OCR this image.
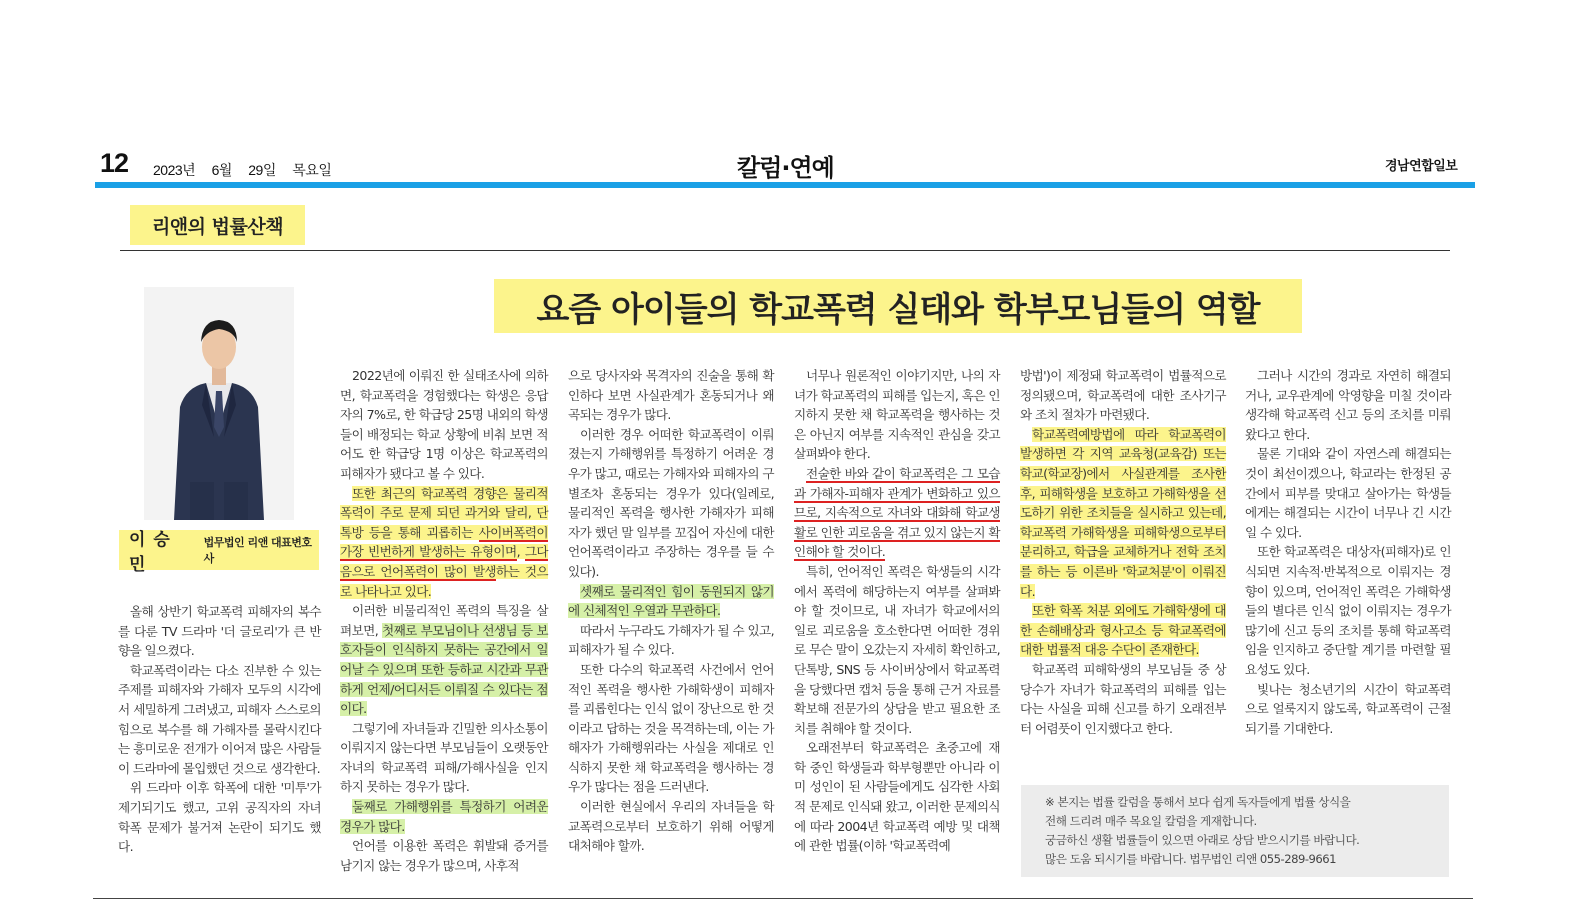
12 2023년 6월 29일 목요일	칼럼·연예	경남연합일보
리앤의 법률산책
요즘 아이들의 학교폭력 실태와 학부모님들의 역할
이 승 민
법무법인 리앤 대표변호사

올해 상반기 학교폭력 피해자의 복수를 다룬 TV 드라마 '더 글로리'가 큰 반향을 일으켰다.

학교폭력이라는 다소 진부한 수 있는 주제를 피해자와 가해자 모두의 시각에서 세밀하게 그려냈고, 피해자 스스로의 힘으로 복수를 해 가해자를 몰락시킨다는 흥미로운 전개가 이어져 많은 사람들이 드라마에 몰입했던 것으로 생각한다.

위 드라마 이후 학폭에 대한 '미투'가 제기되기도 했고, 고위 공직자의 자녀 학폭 문제가 불거져 논란이 되기도 했다.

2022년에 이뤄진 한 실태조사에 의하면, 학교폭력을 경험했다는 학생은 응답자의 7%로, 한 학급당 25명 내외의 학생들이 배정되는 학교 상황에 비춰 보면 적어도 한 학급당 1명 이상은 학교폭력의 피해자가 됐다고 볼 수 있다.

또한 최근의 학교폭력 경향은 물리적 폭력이 주로 문제 되던 과거와 달리, 단톡방 등을 통해 괴롭히는 사이버폭력이 가장 빈번하게 발생하는 유형이며, 그다음으로 언어폭력이 많이 발생하는 것으로 나타나고 있다.

이러한 비물리적인 폭력의 특징을 살펴보면, 첫째로 부모님이나 선생님 등 보호자들이 인식하지 못하는 공간에서 일어날 수 있으며 또한 등하교 시간과 무관하게 언제/어디서든 이뤄질 수 있다는 점이다.

그렇기에 자녀들과 긴밀한 의사소통이 이뤄지지 않는다면 부모님들이 오랫동안 자녀의 학교폭력 피해/가해사실을 인지하지 못하는 경우가 많다.

둘째로 가해행위를 특정하기 어려운 경우가 많다.

언어를 이용한 폭력은 휘발돼 증거를 남기지 않는 경우가 많으며, 사후적

으로 당사자와 목격자의 진술을 통해 확인하다 보면 사실관계가 혼동되거나 왜곡되는 경우가 많다.

이러한 경우 어떠한 학교폭력이 이뤄졌는지 가해행위를 특정하기 어려운 경우가 많고, 때로는 가해자와 피해자의 구별조차 혼동되는 경우가 있다(일례로, 물리적인 폭력을 행사한 가해자가 피해자가 했던 말 일부를 꼬집어 자신에 대한 언어폭력이라고 주장하는 경우를 들 수 있다).

셋째로 물리적인 힘이 동원되지 않기에 신체적인 우열과 무관하다.

따라서 누구라도 가해자가 될 수 있고, 피해자가 될 수 있다.

또한 다수의 학교폭력 사건에서 언어적인 폭력을 행사한 가해학생이 피해자를 괴롭힌다는 인식 없이 장난으로 한 것이라고 답하는 것을 목격하는데, 이는 가해자가 가해행위라는 사실을 제대로 인식하지 못한 채 학교폭력을 행사하는 경우가 많다는 점을 드러낸다.

이러한 현실에서 우리의 자녀들을 학교폭력으로부터 보호하기 위해 어떻게 대처해야 할까.

너무나 원론적인 이야기지만, 나의 자녀가 학교폭력의 피해를 입는지, 혹은 인지하지 못한 채 학교폭력을 행사하는 것은 아닌지 여부를 지속적인 관심을 갖고 살펴봐야 한다.

전술한 바와 같이 학교폭력은 그 모습과 가해자-피해자 관계가 변화하고 있으므로, 지속적으로 자녀와 대화해 학교생활로 인한 괴로움을 겪고 있지 않는지 확인해야 할 것이다.

특히, 언어적인 폭력은 학생들의 시각에서 폭력에 해당하는지 여부를 살펴봐야 할 것이므로, 내 자녀가 학교에서의 일로 괴로움을 호소한다면 어떠한 경위로 무슨 말이 오갔는지 자세히 확인하고, 단톡방, SNS 등 사이버상에서 학교폭력을 당했다면 캡처 등을 통해 근거 자료를 확보해 전문가의 상담을 받고 필요한 조치를 취해야 할 것이다.

오래전부터 학교폭력은 초중고에 재학 중인 학생들과 학부형뿐만 아니라 이미 성인이 된 사람들에게도 심각한 사회적 문제로 인식돼 왔고, 이러한 문제의식에 따라 2004년 학교폭력 예방 및 대책에 관한 법률(이하 '학교폭력예

방법')이 제정돼 학교폭력이 법률적으로 정의됐으며, 학교폭력에 대한 조사기구와 조치 절차가 마련됐다.

학교폭력예방법에 따라 학교폭력이 발생하면 각 지역 교육청(교육감) 또는 학교(학교장)에서 사실관계를 조사한 후, 피해학생을 보호하고 가해학생을 선도하기 위한 조치들을 실시하고 있는데, 학교폭력 가해학생을 피해학생으로부터 분리하고, 학급을 교체하거나 전학 조치를 하는 등 이른바 '학교처분'이 이뤄진다.

또한 학폭 처분 외에도 가해학생에 대한 손해배상과 형사고소 등 학교폭력에 대한 법률적 대응 수단이 존재한다.

학교폭력 피해학생의 부모님들 중 상당수가 자녀가 학교폭력의 피해를 입는다는 사실을 피해 신고를 하기 오래전부터 어렴풋이 인지했다고 한다.

그러나 시간의 경과로 자연히 해결되거나, 교우관계에 악영향을 미칠 것이라 생각해 학교폭력 신고 등의 조치를 미뤄왔다고 한다.

물론 기대와 같이 자연스레 해결되는 것이 최선이겠으나, 학교라는 한정된 공간에서 피부를 맞대고 살아가는 학생들에게는 해결되는 시간이 너무나 긴 시간일 수 있다.

또한 학교폭력은 대상자(피해자)로 인식되면 지속적·반복적으로 이뤄지는 경향이 있으며, 언어적인 폭력은 가해학생들의 별다른 인식 없이 이뤄지는 경우가 많기에 신고 등의 조치를 통해 학교폭력임을 인지하고 중단할 계기를 마련할 필요성도 있다.

빛나는 청소년기의 시간이 학교폭력으로 얼룩지지 않도록, 학교폭력이 근절되기를 기대한다.

※ 본지는 법률 칼럼을 통해서 보다 쉽게 독자들에게 법률 상식을
전해 드리려 매주 목요일 칼럼을 게재합니다.
궁금하신 생활 법률들이 있으면 아래로 상담 받으시기를 바랍니다.
많은 도움 되시기를 바랍니다. 법무법인 리앤 055-289-9661
